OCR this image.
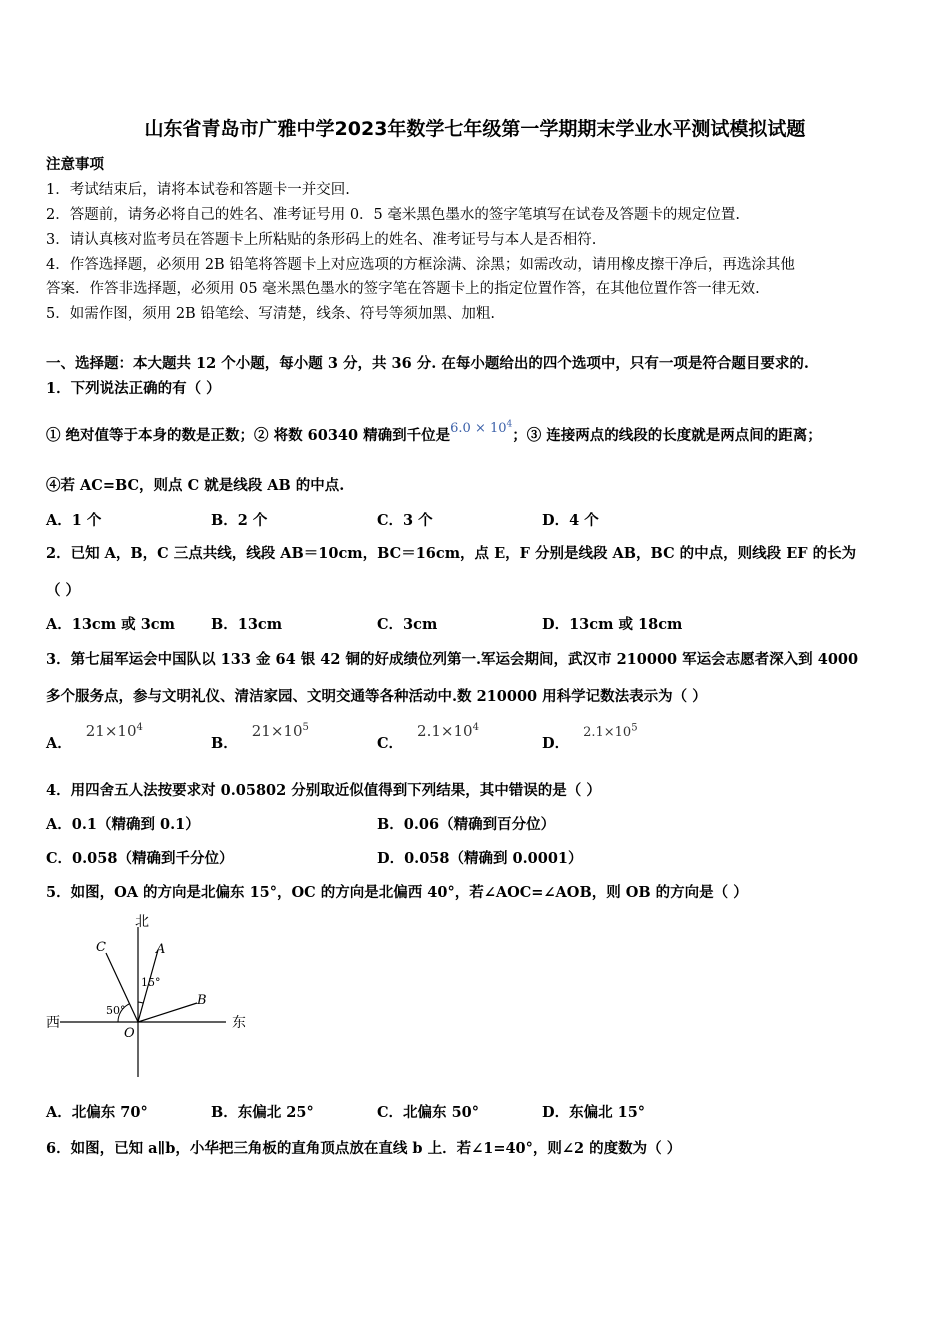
山东省青岛市广雅中学2023年数学七年级第一学期期末学业水平测试模拟试题
注意事项
1．考试结束后，请将本试卷和答题卡一并交回.
2．答题前，请务必将自己的姓名、准考证号用 0．5 毫米黑色墨水的签字笔填写在试卷及答题卡的规定位置.
3．请认真核对监考员在答题卡上所粘贴的条形码上的姓名、准考证号与本人是否相符.
4．作答选择题，必须用 2B 铅笔将答题卡上对应选项的方框涂满、涂黑；如需改动，请用橡皮擦干净后，再选涂其他
答案．作答非选择题，必须用 05 毫米黑色墨水的签字笔在答题卡上的指定位置作答，在其他位置作答一律无效.
5．如需作图，须用 2B 铅笔绘、写清楚，线条、符号等须加黑、加粗.
一、选择题：本大题共 12 个小题，每小题 3 分，共 36 分. 在每小题给出的四个选项中，只有一项是符合题目要求的.
1．下列说法正确的有（ ）
① 绝对值等于本身的数是正数；② 将数 60340 精确到千位是$6.0 \times 10^4$；③ 连接两点的线段的长度就是两点间的距离；
④若 AC=BC，则点 C 就是线段 AB 的中点.
A．1 个	B．2 个	C．3 个	D．4 个
2．已知 A，B，C 三点共线，线段 AB＝10cm，BC＝16cm，点 E，F 分别是线段 AB，BC 的中点，则线段 EF 的长为
（ ）
A．13cm 或 3cm B．13cm	C．3cm	D．13cm 或 18cm
3．第七届军运会中国队以 133 金 64 银 42 铜的好成绩位列第一.军运会期间，武汉市 210000 军运会志愿者深入到 4000
多个服务点，参与文明礼仪、清洁家园、文明交通等各种活动中.数 210000 用科学记数法表示为（ ）
A．$21\times 10^4$
B．$21\times 10^5$
C．$2.1\times 10^4$
D．$2.1\times 10^5$
4．用四舍五人法按要求对 0.05802 分别取近似值得到下列结果，其中错误的是（ ）
A．0.1（精确到 0.1）	B．0.06（精确到百分位）
C．0.058（精确到千分位）	D．0.058（精确到 0.0001）
5．如图，OA 的方向是北偏东 15°，OC 的方向是北偏西 40°，若∠AOC=∠AOB，则 OB 的方向是（ ）
北
西	东
A
C
B
O
15°
50°
A．北偏东 70°	B．东偏北 25°	C．北偏东 50°	D．东偏北 15°
6．如图，已知 a∥b，小华把三角板的直角顶点放在直线 b 上．若∠1=40°，则∠2 的度数为（ ）
